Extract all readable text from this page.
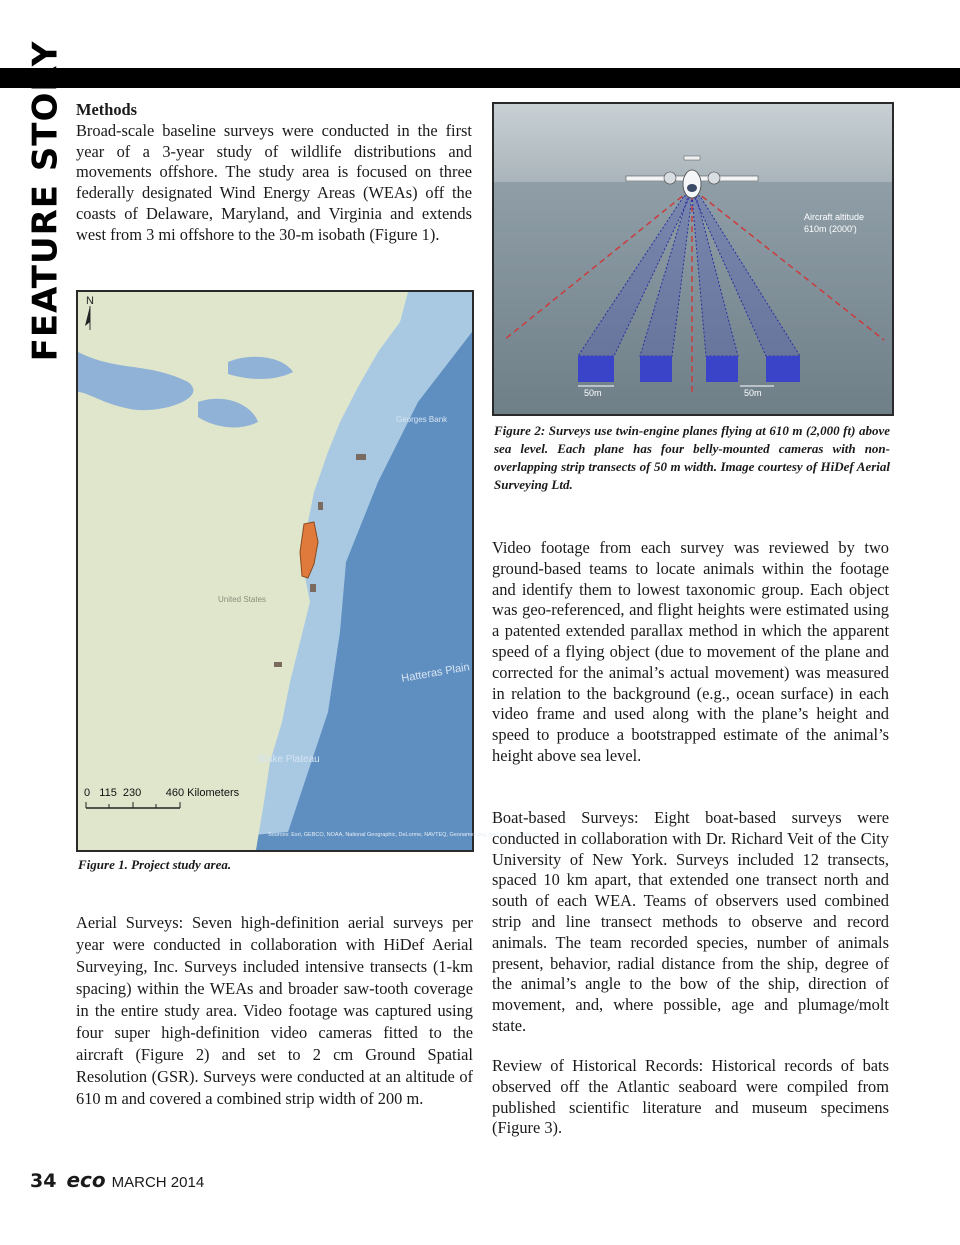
FEATURE STORY Methods

Broad-scale baseline surveys were conducted in the first year of a 3-year study of wildlife distributions and movements offshore. The study area is focused on three federally designated Wind Energy Areas (WEAs) off the coasts of Delaware, Maryland, and Virginia and extends west from 3 mi offshore to the 30-m isobath (Figure 1).

N
Hatteras Plain
Blake Plateau
Georges Bank
United States
0   115  230        460 Kilometers
Sources: Esri, GEBCO, NOAA, National Geographic, DeLorme, NAVTEQ, Geonames.org, and other contributors
Figure 1. Project study area.

Aerial Surveys: Seven high-definition aerial surveys per year were conducted in collaboration with HiDef Aerial Surveying, Inc. Surveys included intensive transects (1-km spacing) within the WEAs and broader saw-tooth coverage in the entire study area. Video footage was captured using four super high-definition video cameras fitted to the aircraft (Figure 2) and set to 2 cm Ground Spatial Resolution (GSR). Surveys were conducted at an altitude of 610 m and covered a combined strip width of 200 m.

Aircraft altitude
610m (2000')
50m	50m
Figure 2: Surveys use twin-engine planes flying at 610 m (2,000 ft) above sea level. Each plane has four belly-mounted cameras with non-overlapping strip transects of 50 m width. Image courtesy of HiDef Aerial Surveying Ltd.

Video footage from each survey was reviewed by two ground-based teams to locate animals within the footage and identify them to lowest taxonomic group. Each object was geo-referenced, and flight heights were estimated using a patented extended parallax method in which the apparent speed of a flying object (due to movement of the plane and corrected for the animal’s actual movement) was measured in relation to the background (e.g., ocean surface) in each video frame and used along with the plane’s height and speed to produce a bootstrapped estimate of the animal’s height above sea level.

Boat-based Surveys: Eight boat-based surveys were conducted in collaboration with Dr. Richard Veit of the City University of New York. Surveys included 12 transects, spaced 10 km apart, that extended one transect north and south of each WEA. Teams of observers used combined strip and line transect methods to observe and record animals. The team recorded species, number of animals present, behavior, radial distance from the ship, degree of the animal’s angle to the bow of the ship, direction of movement, and, where possible, age and plumage/molt state.

Review of Historical Records: Historical records of bats observed off the Atlantic seaboard were compiled from published scientific literature and museum specimens (Figure 3).

34 eco MARCH 2014
